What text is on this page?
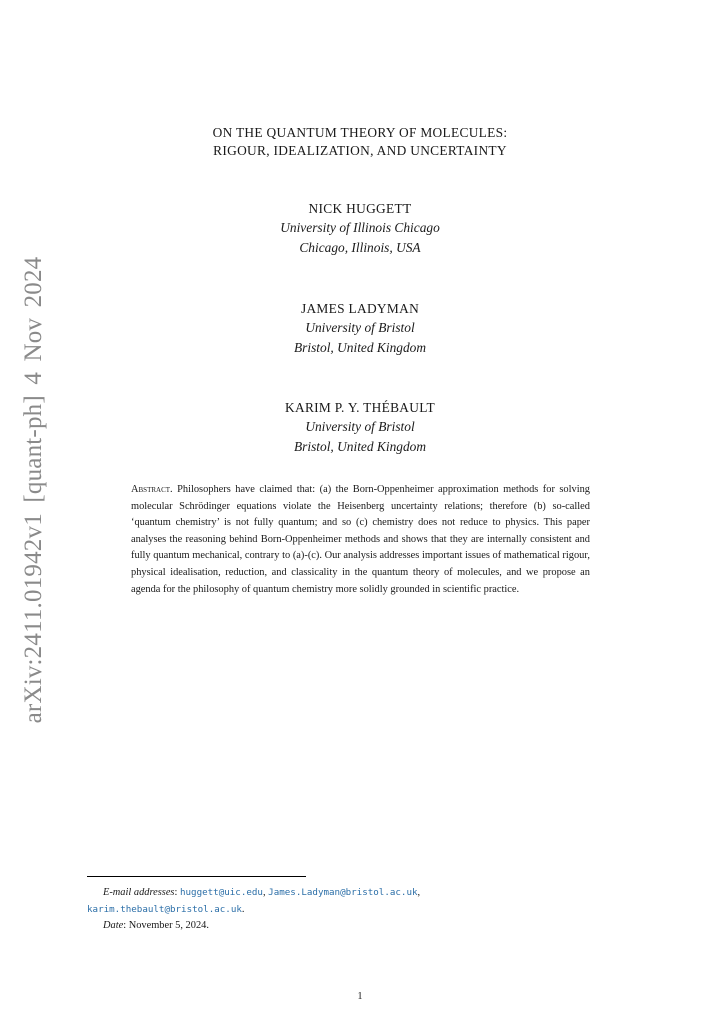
arXiv:2411.01942v1 [quant-ph] 4 Nov 2024
ON THE QUANTUM THEORY OF MOLECULES:
RIGOUR, IDEALIZATION, AND UNCERTAINTY
NICK HUGGETT
University of Illinois Chicago
Chicago, Illinois, USA
JAMES LADYMAN
University of Bristol
Bristol, United Kingdom
KARIM P. Y. THÉBAULT
University of Bristol
Bristol, United Kingdom
Abstract. Philosophers have claimed that: (a) the Born-Oppenheimer approximation methods for solving molecular Schrödinger equations violate the Heisenberg uncertainty relations; therefore (b) so-called ‘quantum chemistry’ is not fully quantum; and so (c) chemistry does not reduce to physics. This paper analyses the reasoning behind Born-Oppenheimer methods and shows that they are internally consistent and fully quantum mechanical, contrary to (a)-(c). Our analysis addresses important issues of mathematical rigour, physical idealisation, reduction, and classicality in the quantum theory of molecules, and we propose an agenda for the philosophy of quantum chemistry more solidly grounded in scientific practice.
E-mail addresses: huggett@uic.edu, James.Ladyman@bristol.ac.uk,
karim.thebault@bristol.ac.uk.
Date: November 5, 2024.
1
